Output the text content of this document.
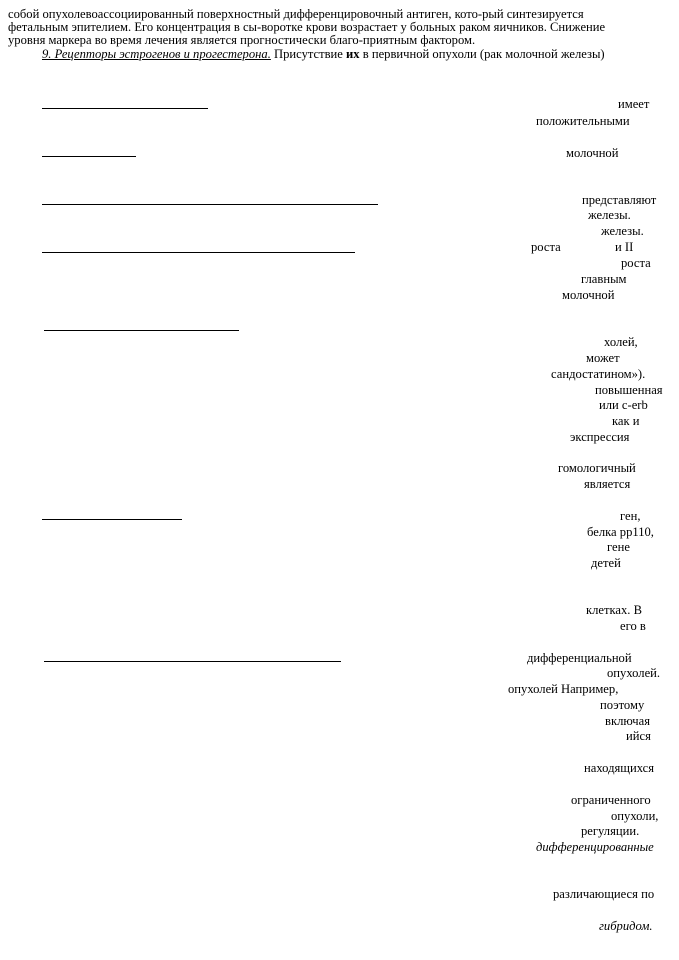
собой опухолевоассоциированный поверхностный дифференцировочный антиген, кото-рый синтезируется
фетальным эпителием. Его концентрация в сы-воротке крови возрастает у больных раком яичников. Снижение
уровня маркера во время лечения является прогностически благо-приятным фактором.
9. Рецепторы эстрогенов и прогестерона. Присутствие их в первичной опухоли (рак молочной железы)
имеет
положительными
молочной
представляют
железы.
железы.
роста	и II
роста
главным
молочной
холей,
может
сандостатином»).
повышенная
или c-erb
как и
экспрессия
гомологичный
является
ген,
белка рр110,
гене
детей
клетках. В
его в
дифференциальной
опухолей.
опухолей Например,
поэтому
включая
ийся
находящихся
ограниченного
опухоли,
регуляции.
дифференцированные
различающиеся по
гибридом.
